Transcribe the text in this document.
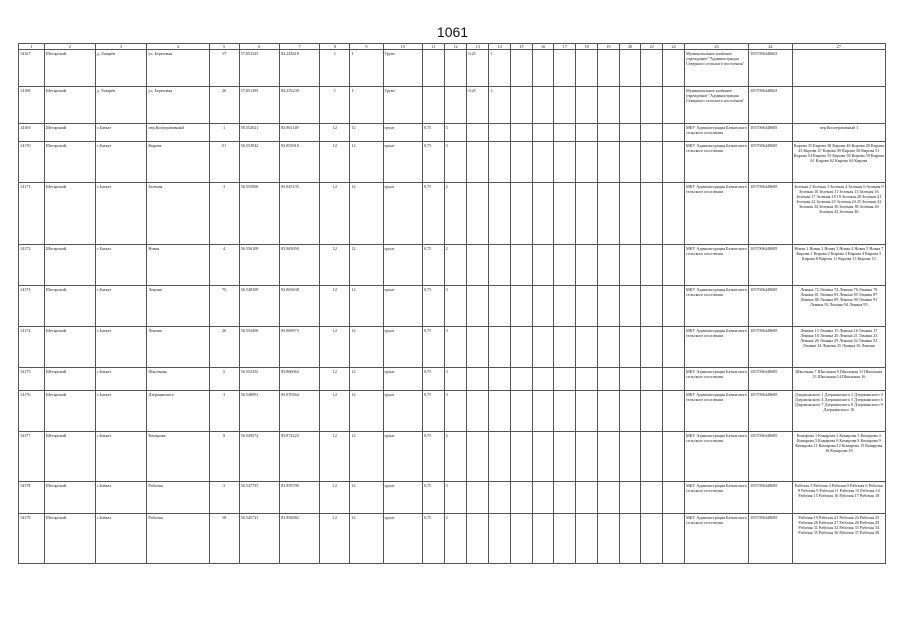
1061
1	2	3	4	5	6	7	8	9	10	11	12	13	14	15	16	17	18	19	20	21	22	23	24	27
14167	Шегарский	д. Лазарёв	ул. Береговая	17	57.053345	84.245618	1	1	Грунт			0,25	1									Муниципальное казённое учреждение "Администрация Северного сельского поселения"	1057006448663	
14168	Шегарский	д. Лазарёв	ул. Береговая	26	57.051285	84.235239	1	1	Грунт			0,25	1									Муниципальное казённое учреждение "Администрация Северного сельского поселения"	1057006448663	
14169	Шегарский	с.Баткат	пер.Кооперативный	1	56.552021	83.861149	12	12	грунт	0,75	3											МКУ Администрация Баткатского сельского поселения	1057006448685	пер.Кооперативный 1
14170	Шегарский	с.Баткат	Кирова	51	56.553942	83.853918	12	12	грунт	0,75	3											МКУ Администрация Баткатского сельского поселения	1057006448685	Кирова 35 Кирова 38 Кирова 40 Кирова 40 Кирова 43 Кирова 47 Кирова 49 Кирова 50 Кирова 51 Кирова 54 Кирова 55 Кирова 58 Кирова 59 Кирова 61 Кирова 62 Кирова 64 Кирова
14171	Шегарский	с.Баткат	Зеленая	3	56.555006	83.845135	12	12	грунт	0,75	2											МКУ Администрация Баткатского сельского поселения	1057006448685	Зеленая 2 Зеленая 3 Зеленая 4 Зеленая 6 Зеленая 9 Зеленая 10 Зеленая 11 Зеленая 13 Зеленая 16 Зеленая 17 Зеленая 18 19 Зеленая 20 Зеленая 21 Зеленая 22 Зеленая 23 Зеленая 24 25 Зеленая 32 Зеленая 34 Зеленая 36 Зеленая 38 Зеленая 40 Зеленая 42 Зеленая 46
14172	Шегарский	с.Баткат	Новая	4	56.556109	83.865050	12	12	грунт	0,75	2											МКУ Администрация Баткатского сельского поселения	1057006448685	Новая 1 Новая 2 Новая 3 Новая 4 Новая 5 Новая 7 Кирова 1 Кирова 2 Кирова 3 Кирова 4 Кирова 5 Кирова 8 Кирова 11 Кирова 13 Кирова 15
14173	Шегарский	с.Баткат	Ленина	75	56.548109	83.863638	12	12	грунт	0,75	3											МКУ Администрация Баткатского сельского поселения	1057006448685	Ленина 72 Ленина 74 Ленина 76 Ленина 78 Ленина 81 Ленина 83 Ленина 85 Ленина 87 Ленина 88 Ленина 89 Ленина 90 Ленина 91 Ленина 92 Ленина 94 Ленина 95
14174	Шегарский	с.Баткат	Ленина	26	56.554406	83.869973	12	12	грунт	0,75	3											МКУ Администрация Баткатского сельского поселения	1057006448685	Ленина 13 Ленина 15 Ленина 16 Ленина 17 Ленина 18 Ленина 20 Ленина 21 Ленина 23 Ленина 26 Ленина 29 Ленина 32 Ленина 33 Ленина 34 Ленина 35 Ленина 36 Ленина
14175	Шегарский	с.Баткат	Школьная	5	56.552355	83.866064	12	12	грунт	0,75	3											МКУ Администрация Баткатского сельского поселения	1057006448685	Школьная 7 Школьная 9 Школьная 11 Школьная 13 Школьная 14 Школьная 16
14176	Шегарский	с.Баткат	Дзержинского	3	56.548991	83.870564	12	12	грунт	0,75	3											МКУ Администрация Баткатского сельского поселения	1057006448685	Дзержинского 1 Дзержинского 2 Дзержинского 3 Дзержинского 4 Дзержинского 5 Дзержинского 6 Дзержинского 7 Дзержинского 8 Дзержинского 9 Дзержинского 10
14177	Шегарский	с.Баткат	Комарова	9	56.549572	83.874223	12	12	грунт	0,75	2											МКУ Администрация Баткатского сельского поселения	1057006448685	Комарова 1 Комарова 2 Комарова 3 Комарова 4 Комарова 5 Комарова 6 Комарова 8 Комарова 9 Комарова 11 Комарова 12 Комарова 15 Комарова 16 Комарова 18
14178	Шегарский	с.Баткат	Рабочая	3	56.547737	83.859799	12	12	грунт	0,75	3											МКУ Администрация Баткатского сельского поселения	1057006448685	Рабочая 3 Рабочая 4 Рабочая 5 Рабочая 6 Рабочая 8 Рабочая 9 Рабочая 11 Рабочая 13 Рабочая 14 Рабочая 15 Рабочая 16 Рабочая 17 Рабочая 18
14179	Шегарский	с.Баткат	Рабочая	18	56.545721	83.856082	12	12	грунт	0,75	2											МКУ Администрация Баткатского сельского поселения	1057006448685	Рабочая 19 Рабочая 21 Рабочая 24 Рабочая 25 Рабочая 26 Рабочая 27 Рабочая 28 Рабочая 29 Рабочая 31 Рабочая 32 Рабочая 33 Рабочая 34 Рабочая 35 Рабочая 36 Рабочая 37 Рабочая 38
